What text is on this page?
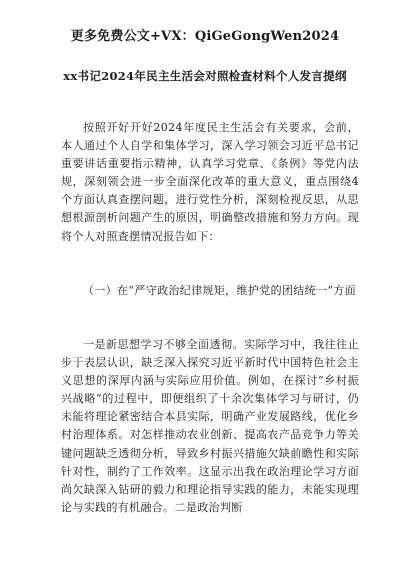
更多免费公文+VX：QiGeGongWen2024
xx书记2024年民主生活会对照检查材料个人发言提纲
按照开好开好2024年度民主生活会有关要求，会前，本人通过个人自学和集体学习，深入学习领会习近平总书记重要讲话重要指示精神，认真学习党章、《条例》等党内法规，深刻领会进一步全面深化改革的重大意义，重点围绕4个方面认真查摆问题，进行党性分析，深刻检视反思，从思想根源剖析问题产生的原因，明确整改措施和努力方向。现将个人对照查摆情况报告如下：
（一）在“严守政治纪律规矩，维护党的团结统一”方面
一是新思想学习不够全面透彻。实际学习中，我往往止步于表层认识，缺乏深入探究习近平新时代中国特色社会主义思想的深厚内涵与实际应用价值。例如，在探讨“乡村振兴战略”的过程中，即便组织了十余次集体学习与研讨，仍未能将理论紧密结合本县实际，明确产业发展路线，优化乡村治理体系。对怎样推动农业创新、提高农产品竞争力等关键问题缺乏透彻分析，导致乡村振兴措施欠缺前瞻性和实际针对性，制约了工作效率。这显示出我在政治理论学习方面尚欠缺深入钻研的毅力和理论指导实践的能力，未能实现理论与实践的有机融合。二是政治判断
